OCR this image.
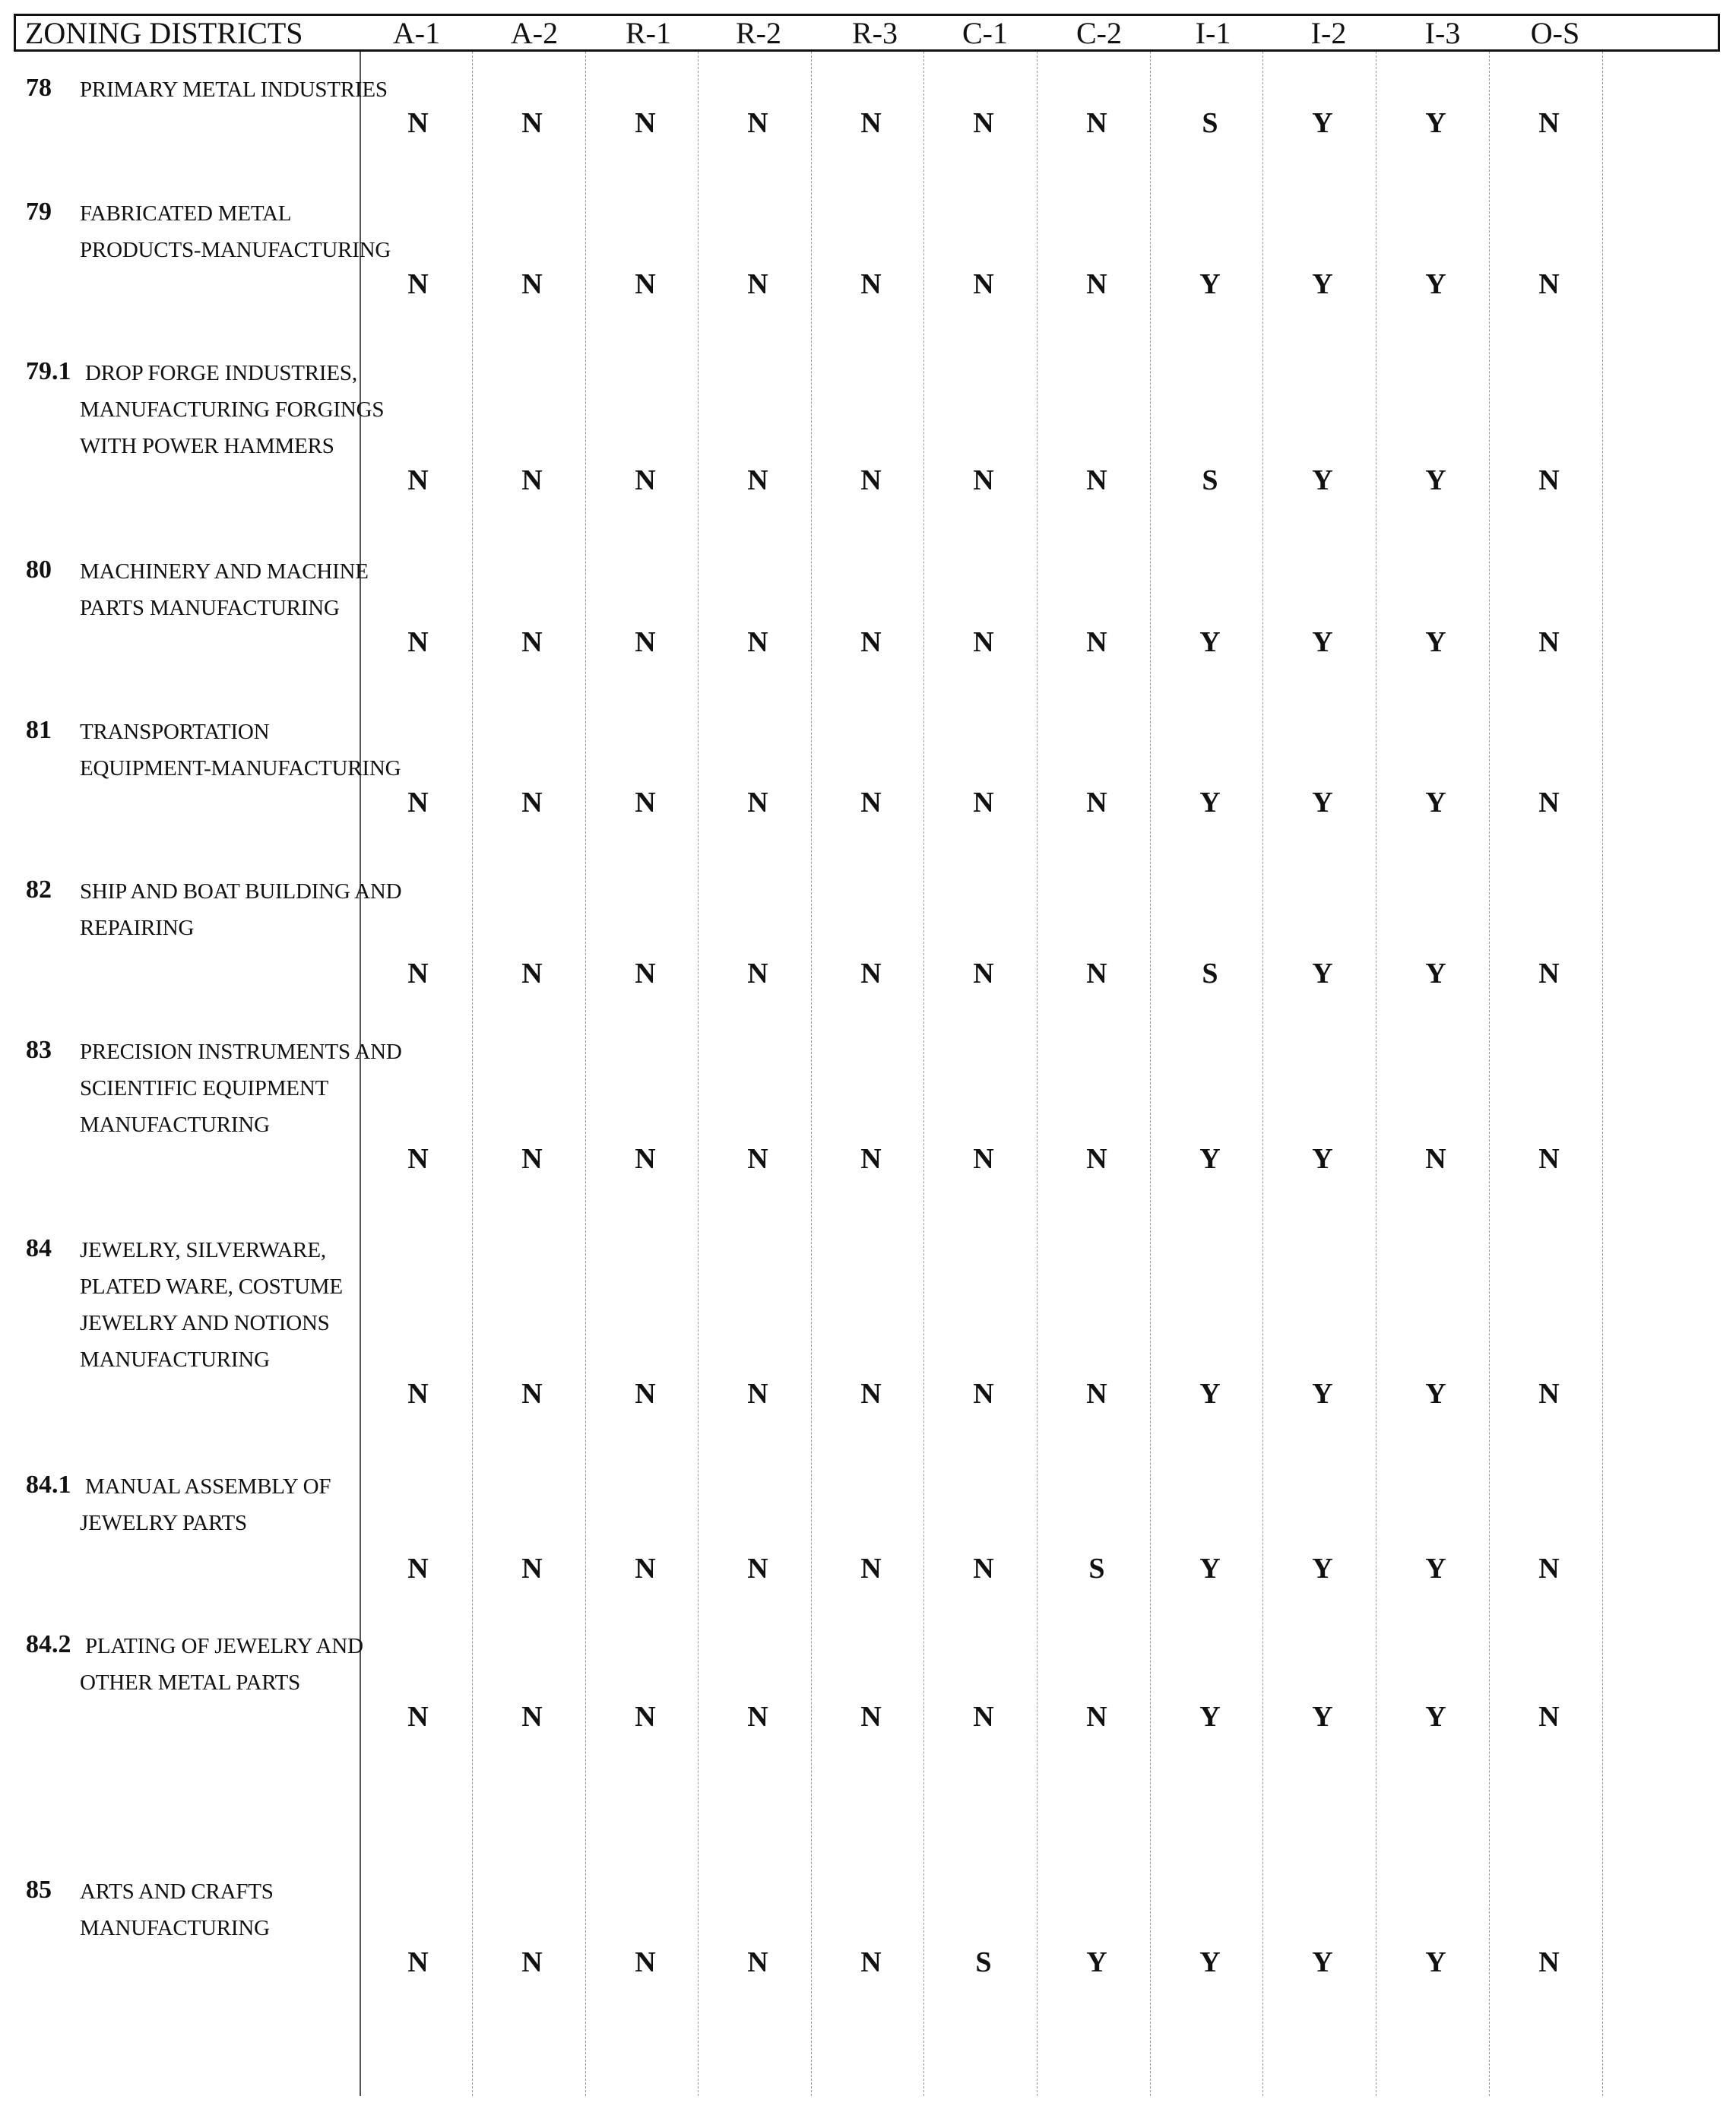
ZONING DISTRICTS	A-1	A-2	R-1	R-2	R-3	C-1	C-2	I-1	I-2	I-3	O-S
78 PRIMARY METAL INDUSTRIES
N	N	N	N	N	N	N	S	Y	Y	N
79 FABRICATED METAL
PRODUCTS-MANUFACTURING
N	N	N	N	N	N	N	Y	Y	Y	N
79.1 DROP FORGE INDUSTRIES,
MANUFACTURING FORGINGS
WITH POWER HAMMERS
N	N	N	N	N	N	N	S	Y	Y	N
80 MACHINERY AND MACHINE
PARTS MANUFACTURING
N	N	N	N	N	N	N	Y	Y	Y	N
81 TRANSPORTATION
EQUIPMENT-MANUFACTURING
N	N	N	N	N	N	N	Y	Y	Y	N
82 SHIP AND BOAT BUILDING AND
REPAIRING
N	N	N	N	N	N	N	S	Y	Y	N
83 PRECISION INSTRUMENTS AND
SCIENTIFIC EQUIPMENT
MANUFACTURING
N	N	N	N	N	N	N	Y	Y	N	N
84 JEWELRY, SILVERWARE,
PLATED WARE, COSTUME
JEWELRY AND NOTIONS
MANUFACTURING
N	N	N	N	N	N	N	Y	Y	Y	N
84.1 MANUAL ASSEMBLY OF
JEWELRY PARTS
N	N	N	N	N	N	S	Y	Y	Y	N
84.2 PLATING OF JEWELRY AND
OTHER METAL PARTS
N	N	N	N	N	N	N	Y	Y	Y	N
85 ARTS AND CRAFTS
MANUFACTURING
N	N	N	N	N	S	Y	Y	Y	Y	N
